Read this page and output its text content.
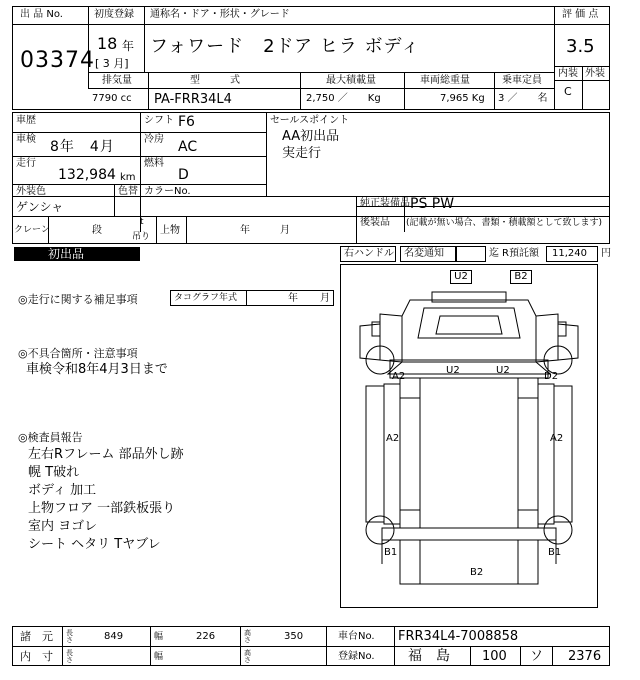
出 品 No.
03374
初度登録
18 年
[ 3 月]
通称名・ドア・形状・グレード
フォワード　2ドア ヒラ ボディ
評 価 点
3.5
内装 外装
C
排気量
7790 cc
型　　　式
PA-FRR34L4
最大積載量
2,750 ／　　Kg
車両総重量
7,965 Kg
乗車定員
3 ／　　名
車歴	シフト F6
車検 8年　4月	冷房 AC
走行
132,984 km
燃料
D
外装色
ゲンシャ
色替 カラーNo.
セールスポイント
AA初出品
実走行
純正装備品 PS PW
後装品 (記載が無い場合、書類・積載額として致します)
クレーン	段
t
吊り
上物	年	月
初出品	右ハンドル 名変通知	迄 R預託額 11,240 円
◎走行に関する補足事項	タコグラフ年式	年 月
◎不具合箇所・注意事項
車検令和8年4月3日まで
◎検査員報告
左右Rフレーム 部品外し跡
幌 T破れ
ボディ 加工
上物フロア 一部鉄板張り
室内 ヨゴレ
シート ヘタリ Tヤブレ
U2	B2
A2
U2	U2
D2
A2	A2
B1
B2
B1
諸　元 長さ	849	幅	226	高さ	350	車台No. FRR34L4-7008858
内　寸 長さ	幅	高さ	登録No. 福　島 100 ソ 2376
